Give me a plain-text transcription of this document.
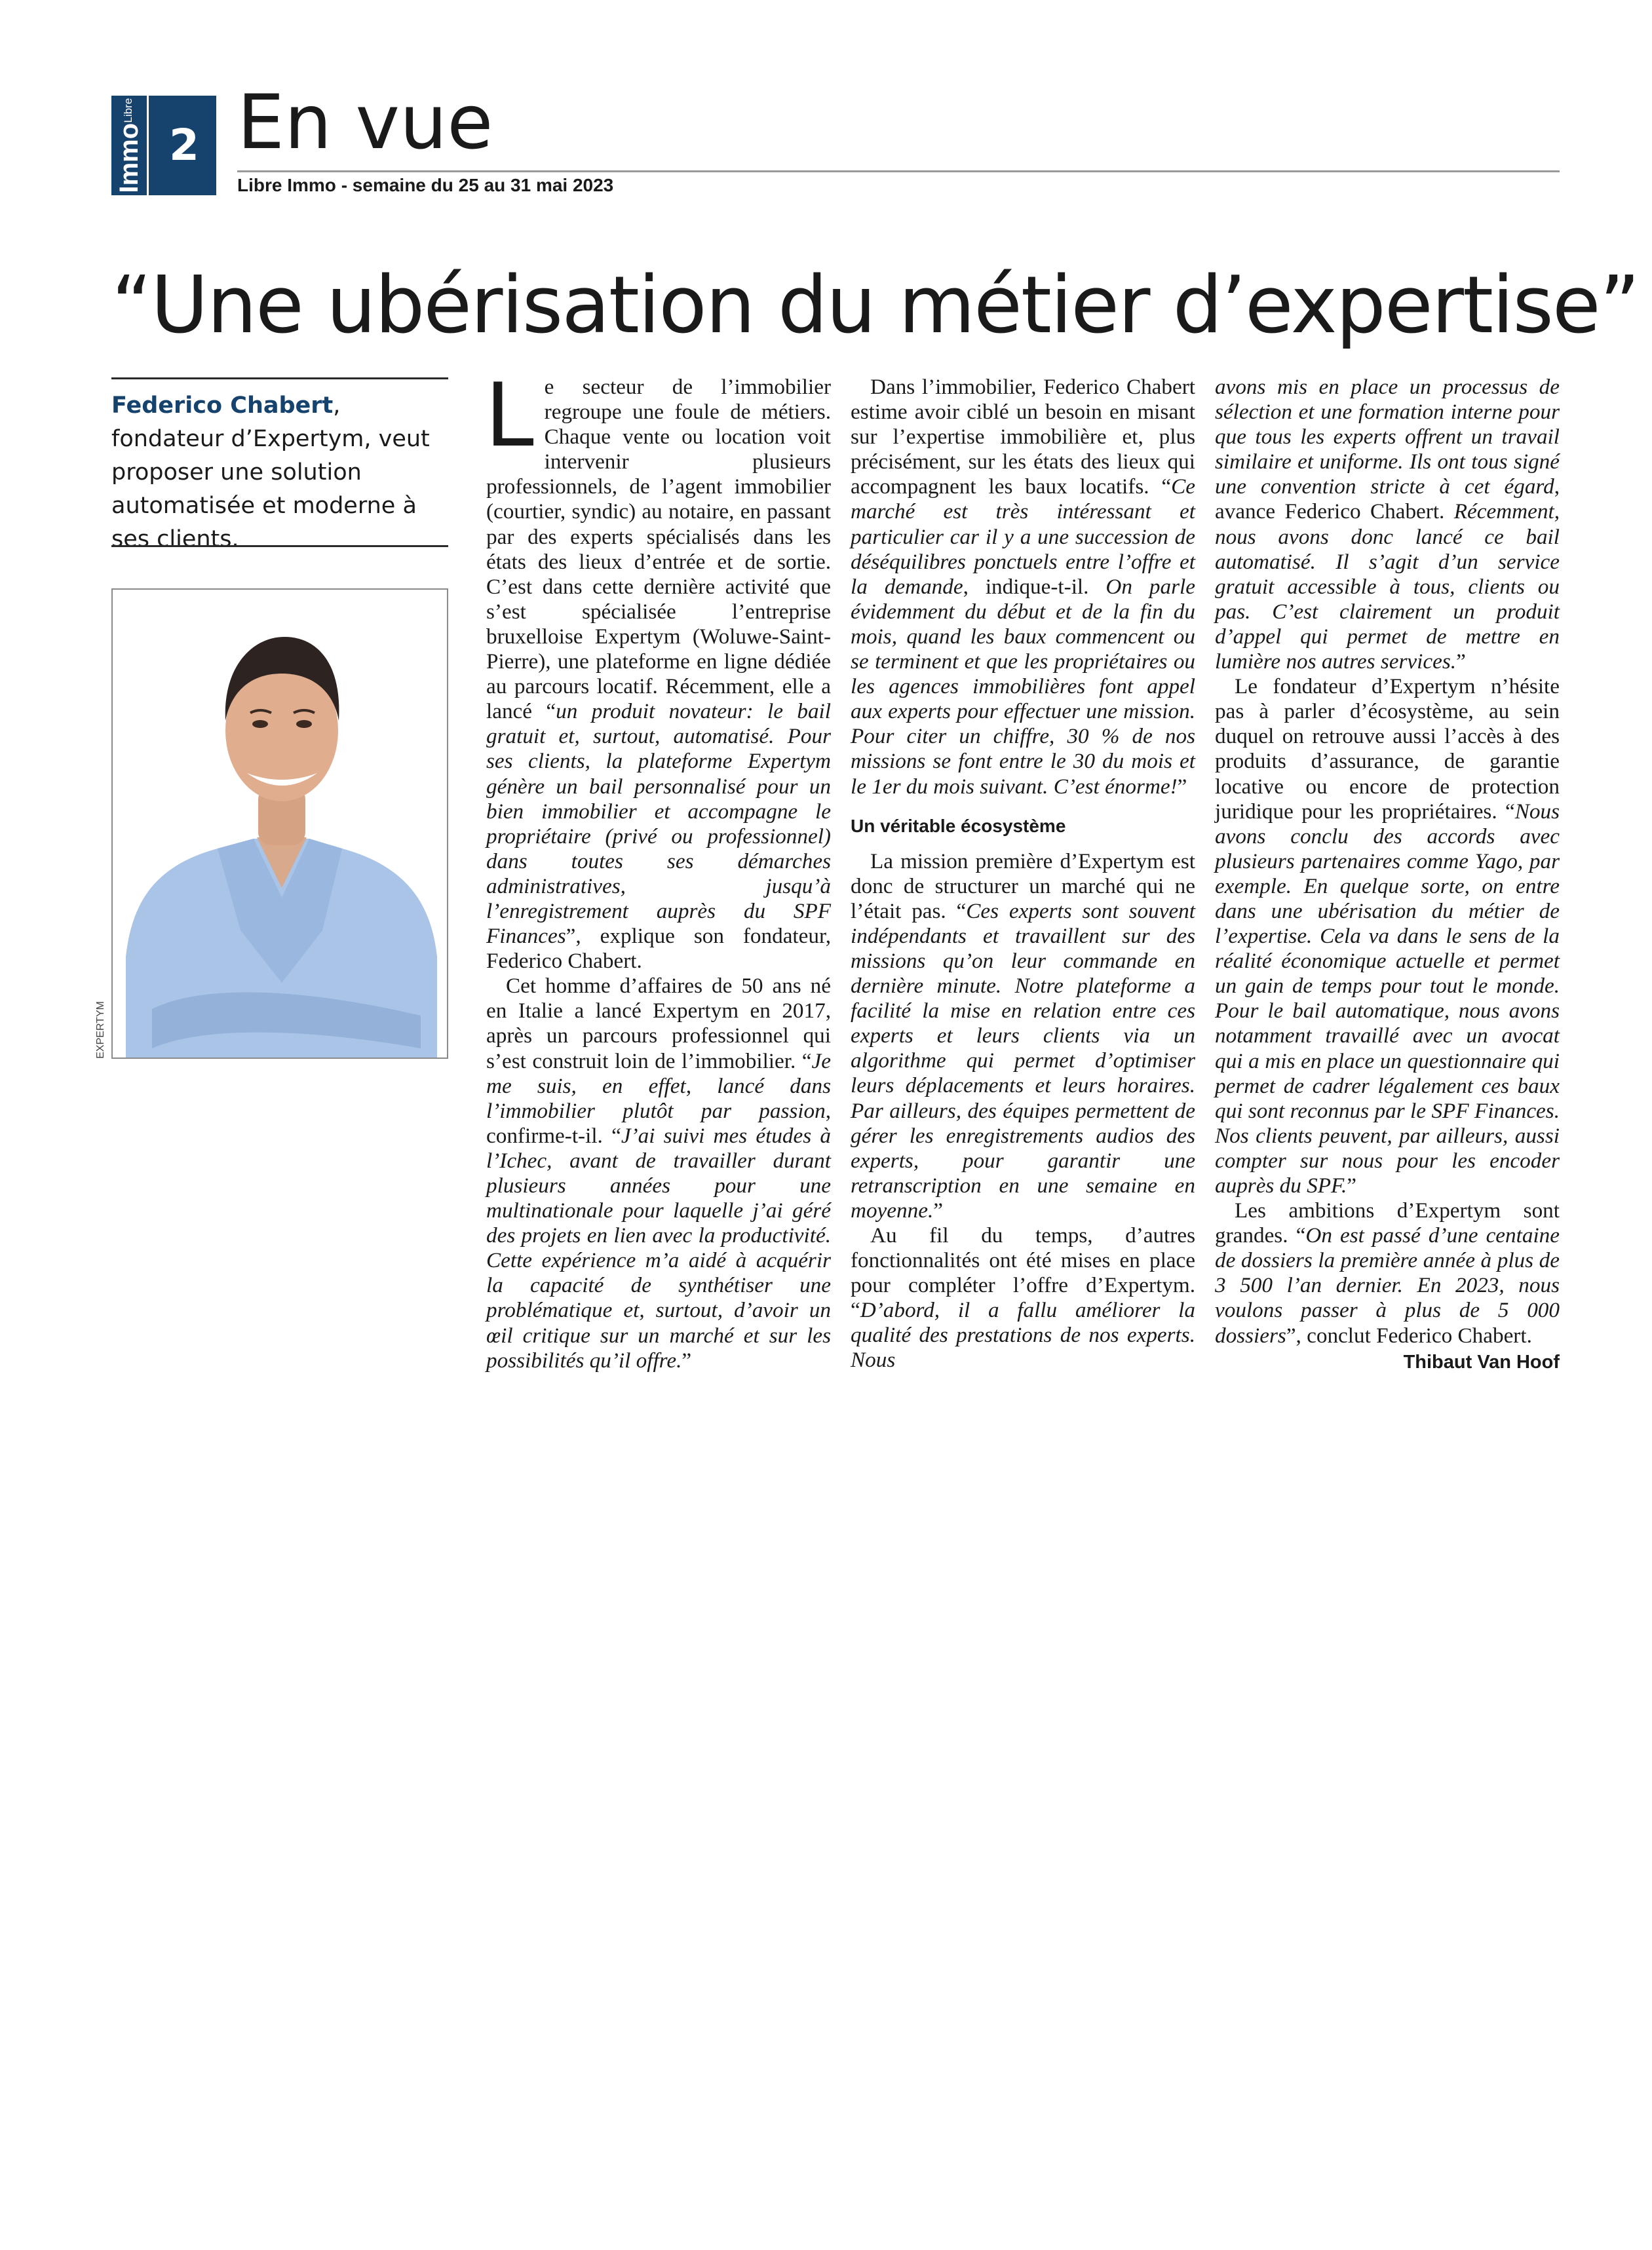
Immo
Libre
2 En vue
Libre Immo - semaine du 25 au 31 mai 2023
“Une ubérisation du métier d’expertise”
Federico Chabert, fondateur d’Expertym, veut proposer une solution automatisée et moderne à ses clients.
EXPERTYM

Le secteur de l’immobilier regroupe une foule de métiers. Chaque vente ou location voit intervenir plusieurs professionnels, de l’agent immobilier (courtier, syndic) au notaire, en passant par des experts spécialisés dans les états des lieux d’entrée et de sortie. C’est dans cette dernière activité que s’est spécialisée l’entreprise bruxelloise Expertym (Woluwe-Saint-Pierre), une plateforme en ligne dédiée au parcours locatif. Récemment, elle a lancé “un produit novateur: le bail gratuit et, surtout, automatisé. Pour ses clients, la plateforme Expertym génère un bail personnalisé pour un bien immobilier et accompagne le propriétaire (privé ou professionnel) dans toutes ses démarches administratives, jusqu’à l’enregistrement auprès du SPF Finances”, explique son fondateur, Federico Chabert.

Cet homme d’affaires de 50 ans né en Italie a lancé Expertym en 2017, après un parcours professionnel qui s’est construit loin de l’immobilier. “Je me suis, en effet, lancé dans l’immobilier plutôt par passion, confirme-t-il. “J’ai suivi mes études à l’Ichec, avant de travailler durant plusieurs années pour une multinationale pour laquelle j’ai géré des projets en lien avec la productivité. Cette expérience m’a aidé à acquérir la capacité de synthétiser une problématique et, surtout, d’avoir un œil critique sur un marché et sur les possibilités qu’il offre.”

Dans l’immobilier, Federico Chabert estime avoir ciblé un besoin en misant sur l’expertise immobilière et, plus précisément, sur les états des lieux qui accompagnent les baux locatifs. “Ce marché est très intéressant et particulier car il y a une succession de déséquilibres ponctuels entre l’offre et la demande, indique-t-il. On parle évidemment du début et de la fin du mois, quand les baux commencent ou se terminent et que les propriétaires ou les agences immobilières font appel aux experts pour effectuer une mission. Pour citer un chiffre, 30 % de nos missions se font entre le 30 du mois et le 1er du mois suivant. C’est énorme!”

Un véritable écosystème

La mission première d’Expertym est donc de structurer un marché qui ne l’était pas. “Ces experts sont souvent indépendants et travaillent sur des missions qu’on leur commande en dernière minute. Notre plateforme a facilité la mise en relation entre ces experts et leurs clients via un algorithme qui permet d’optimiser leurs déplacements et leurs horaires. Par ailleurs, des équipes permettent de gérer les enregistrements audios des experts, pour garantir une retranscription en une semaine en moyenne.”

Au fil du temps, d’autres fonctionnalités ont été mises en place pour compléter l’offre d’Expertym. “D’abord, il a fallu améliorer la qualité des prestations de nos experts. Nous

avons mis en place un processus de sélection et une formation interne pour que tous les experts offrent un travail similaire et uniforme. Ils ont tous signé une convention stricte à cet égard, avance Federico Chabert. Récemment, nous avons donc lancé ce bail automatisé. Il s’agit d’un service gratuit accessible à tous, clients ou pas. C’est clairement un produit d’appel qui permet de mettre en lumière nos autres services.”

Le fondateur d’Expertym n’hésite pas à parler d’écosystème, au sein duquel on retrouve aussi l’accès à des produits d’assurance, de garantie locative ou encore de protection juridique pour les propriétaires. “Nous avons conclu des accords avec plusieurs partenaires comme Yago, par exemple. En quelque sorte, on entre dans une ubérisation du métier de l’expertise. Cela va dans le sens de la réalité économique actuelle et permet un gain de temps pour tout le monde. Pour le bail automatique, nous avons notamment travaillé avec un avocat qui a mis en place un questionnaire qui permet de cadrer légalement ces baux qui sont reconnus par le SPF Finances. Nos clients peuvent, par ailleurs, aussi compter sur nous pour les encoder auprès du SPF.”

Les ambitions d’Expertym sont grandes. “On est passé d’une centaine de dossiers la première année à plus de 3 500 l’an dernier. En 2023, nous voulons passer à plus de 5 000 dossiers”, conclut Federico Chabert.

Thibaut Van Hoof
